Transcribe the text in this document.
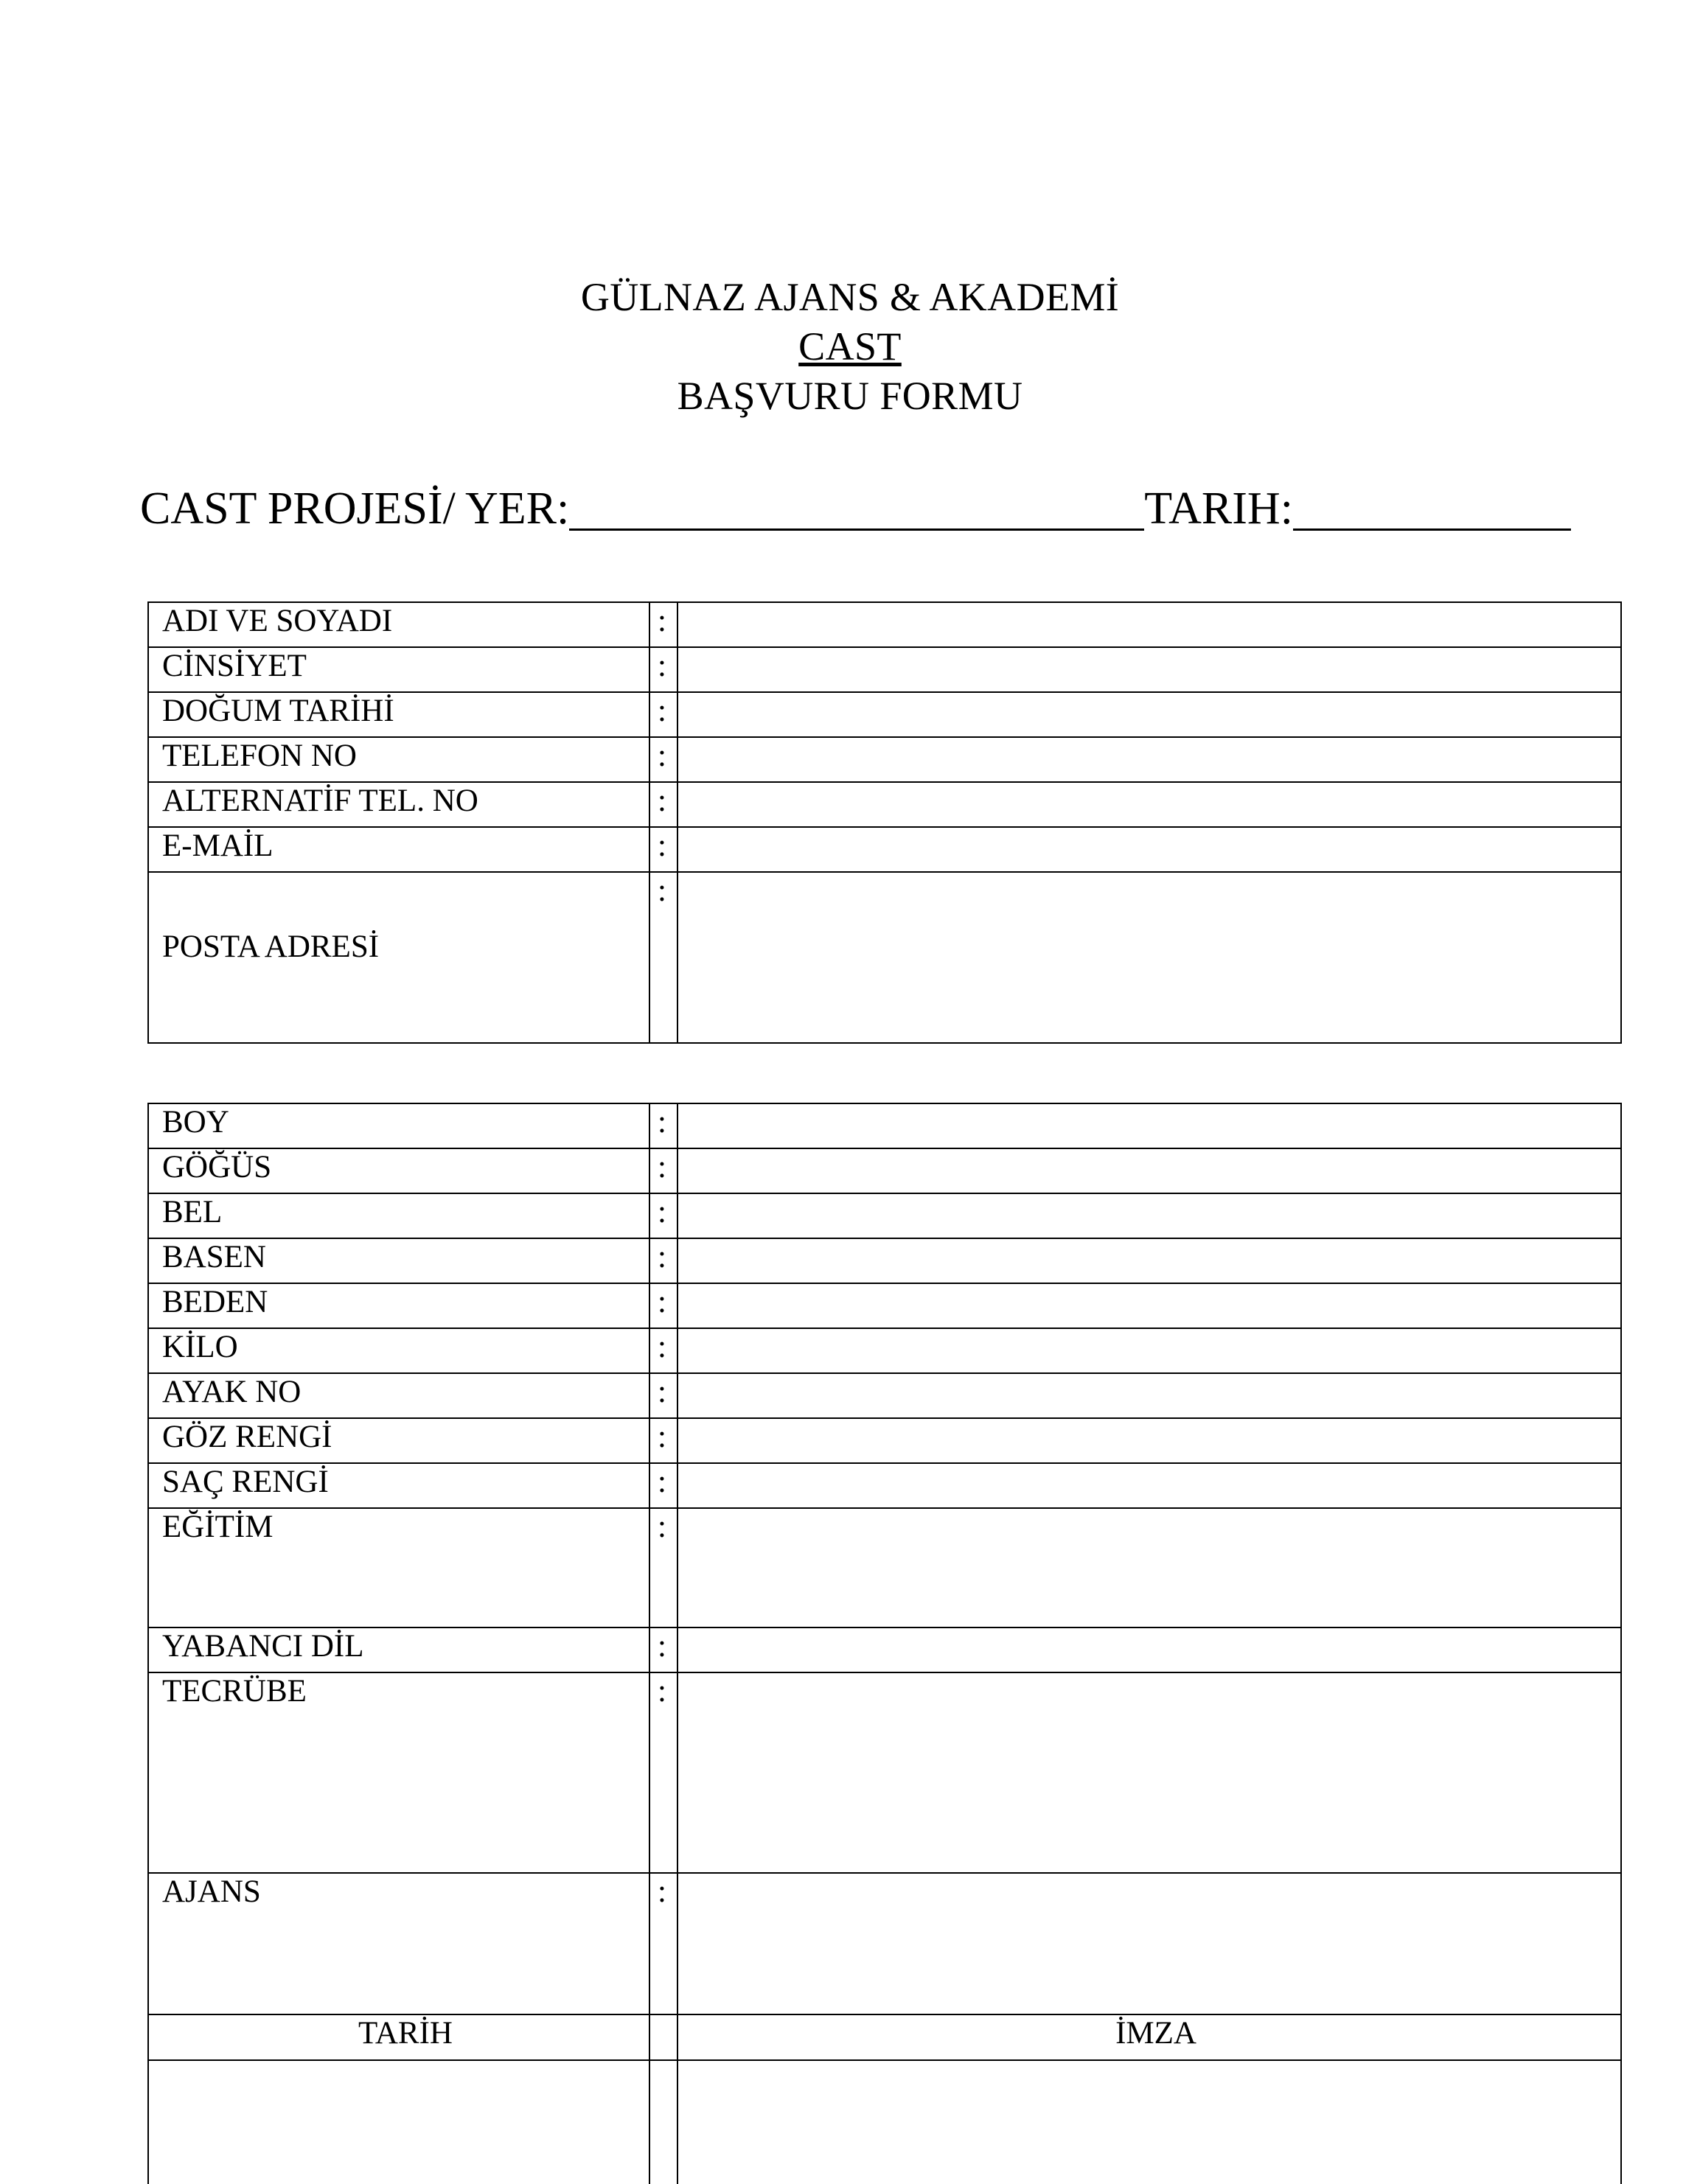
GÜLNAZ AJANS & AKADEMİ
CAST
BAŞVURU FORMU
CAST PROJESİ/ YER:	TARIH:
ADI VE SOYADI	:	
CİNSİYET	:	
DOĞUM TARİHİ	:	
TELEFON NO	:	
ALTERNATİF TEL. NO	:	
E-MAİL	:	

POSTA ADRESİ	:	
BOY	:	
GÖĞÜS	:	
BEL	:	
BASEN	:	
BEDEN	:	
KİLO	:	
AYAK NO	:	
GÖZ RENGİ	:	
SAÇ RENGİ	:	
EĞİTİM	:	
YABANCI DİL	:	
TECRÜBE	:	
AJANS	:	
TARİH		İMZA
